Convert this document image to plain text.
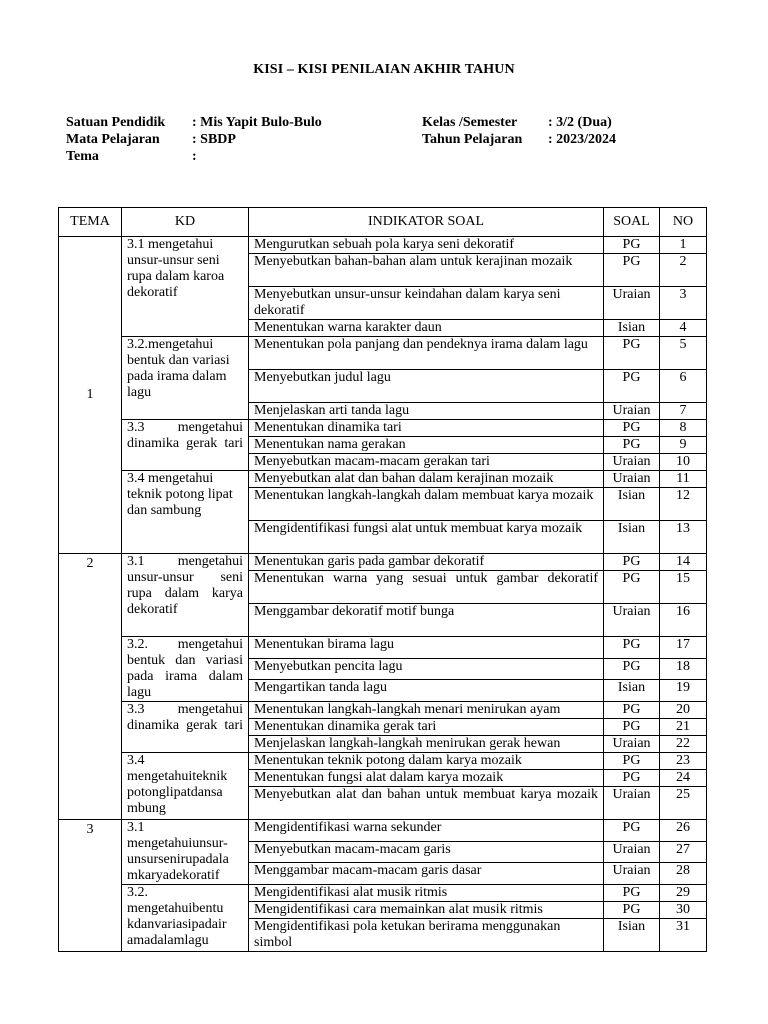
KISI – KISI PENILAIAN AKHIR TAHUN
Satuan Pendidik : Mis Yapit Bulo-Bulo
Mata Pelajaran : SBDP
Tema	:
Kelas /Semester : 3/2 (Dua)
Tahun Pelajaran : 2023/2024
TEMA	KD	INDIKATOR SOAL	SOAL	NO
1	3.1 mengetahui unsur-unsur seni rupa dalam karoa dekoratif	Mengurutkan sebuah pola karya seni dekoratif	PG	1
		Menyebutkan bahan-bahan alam untuk kerajinan mozaik	PG	2
		Menyebutkan unsur-unsur keindahan dalam karya seni dekoratif	Uraian	3
		Menentukan warna karakter daun	Isian	4
	3.2.mengetahui bentuk dan variasi pada irama dalam lagu	Menentukan pola panjang dan pendeknya irama dalam lagu	PG	5
		Menyebutkan judul lagu	PG	6
		Menjelaskan arti tanda lagu	Uraian	7
	3.3 mengetahui dinamika gerak tari	Menentukan dinamika tari	PG	8
		Menentukan nama gerakan	PG	9
		Menyebutkan macam-macam gerakan tari	Uraian	10
	3.4 mengetahui teknik potong lipat dan sambung	Menyebutkan alat dan bahan dalam kerajinan mozaik	Uraian	11
		Menentukan langkah-langkah dalam membuat karya mozaik	Isian	12
		Mengidentifikasi fungsi alat untuk membuat karya mozaik	Isian	13
2	3.1 mengetahui unsur-unsur seni rupa dalam karya dekoratif	Menentukan garis pada gambar dekoratif	PG	14
		Menentukan warna yang sesuai untuk gambar dekoratif	PG	15
		Menggambar dekoratif motif bunga	Uraian	16
	3.2. mengetahui bentuk dan variasi pada irama dalam lagu	Menentukan birama lagu	PG	17
		Menyebutkan pencita lagu	PG	18
		Mengartikan tanda lagu	Isian	19
	3.3 mengetahui dinamika gerak tari	Menentukan langkah-langkah menari menirukan ayam	PG	20
		Menentukan dinamika gerak tari	PG	21
		Menjelaskan langkah-langkah menirukan gerak hewan	Uraian	22
	3.4 mengetahuiteknik potonglipatdansa mbung	Menentukan teknik potong dalam karya mozaik	PG	23
		Menentukan fungsi alat dalam karya mozaik	PG	24
		Menyebutkan alat dan bahan untuk membuat karya mozaik	Uraian	25
3	3.1 mengetahuiunsur-unsursenirupadala mkaryadekoratif	Mengidentifikasi warna sekunder	PG	26
		Menyebutkan macam-macam garis	Uraian	27
		Menggambar macam-macam garis dasar	Uraian	28
	3.2. mengetahuibentu kdanvariasipadair amadalamlagu	Mengidentifikasi alat musik ritmis	PG	29
		Mengidentifikasi cara memainkan alat musik ritmis	PG	30
		Mengidentifikasi pola ketukan berirama menggunakan simbol	Isian	31
